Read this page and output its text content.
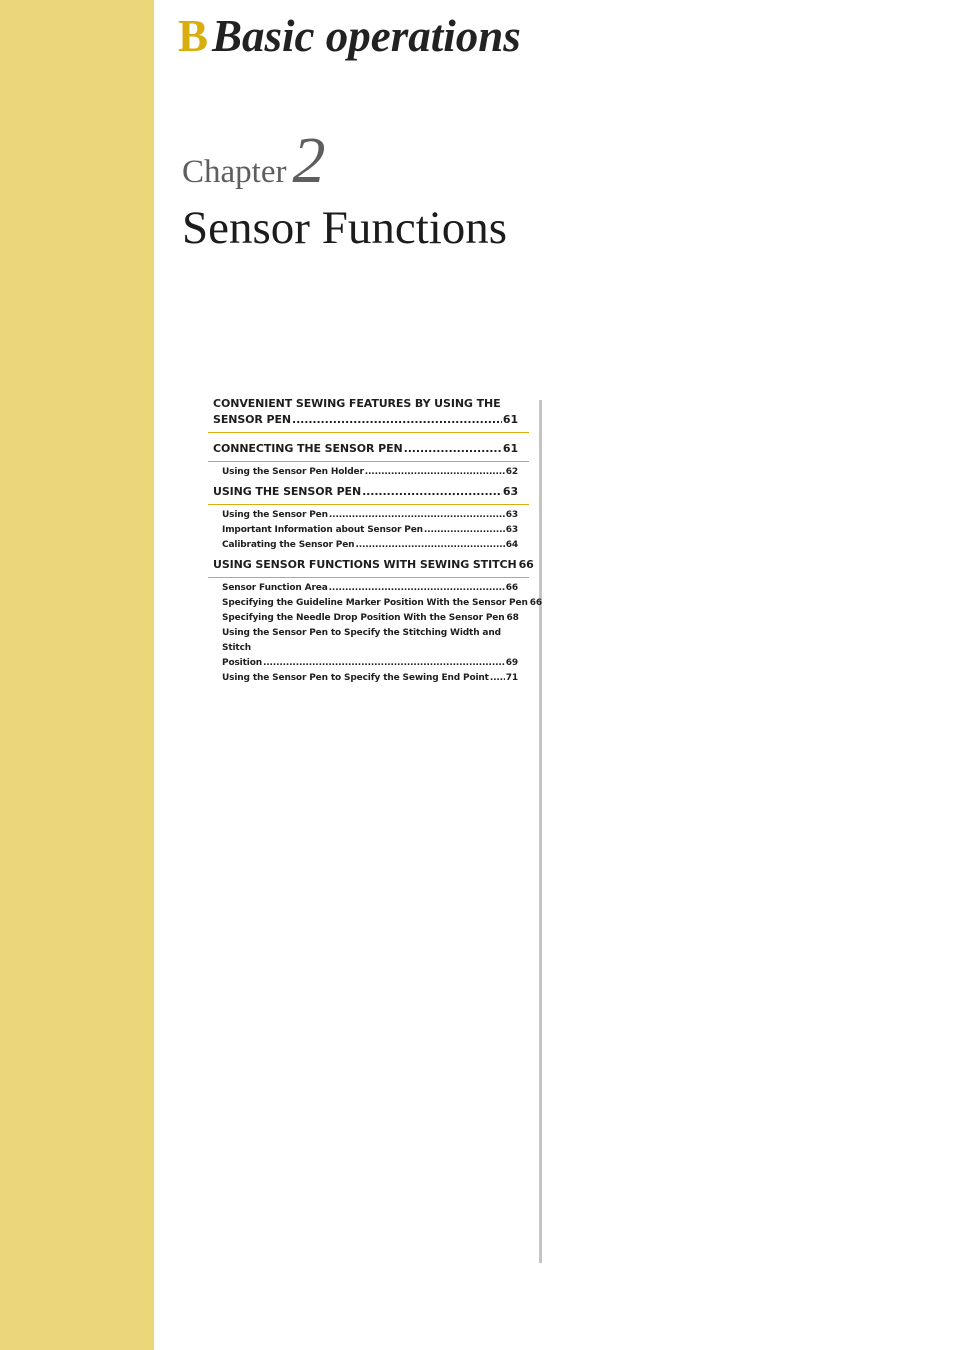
BBasic operations
Chapter2
Sensor Functions
CONVENIENT SEWING FEATURES BY USING THE
SENSOR PEN .....	61
CONNECTING THE SENSOR PEN .....	61
Using the Sensor Pen Holder .....	62
USING THE SENSOR PEN .....	63
Using the Sensor Pen .....	63
Important Information about Sensor Pen .....	63
Calibrating the Sensor Pen .....	64
USING SENSOR FUNCTIONS WITH SEWING STITCH 66
Sensor Function Area .....	66
Specifying the Guideline Marker Position With the Sensor Pen 66
Specifying the Needle Drop Position With the Sensor Pen 68
Using the Sensor Pen to Specify the Stitching Width and Stitch
Position .....	69
Using the Sensor Pen to Specify the Sewing End Point ..... 71
